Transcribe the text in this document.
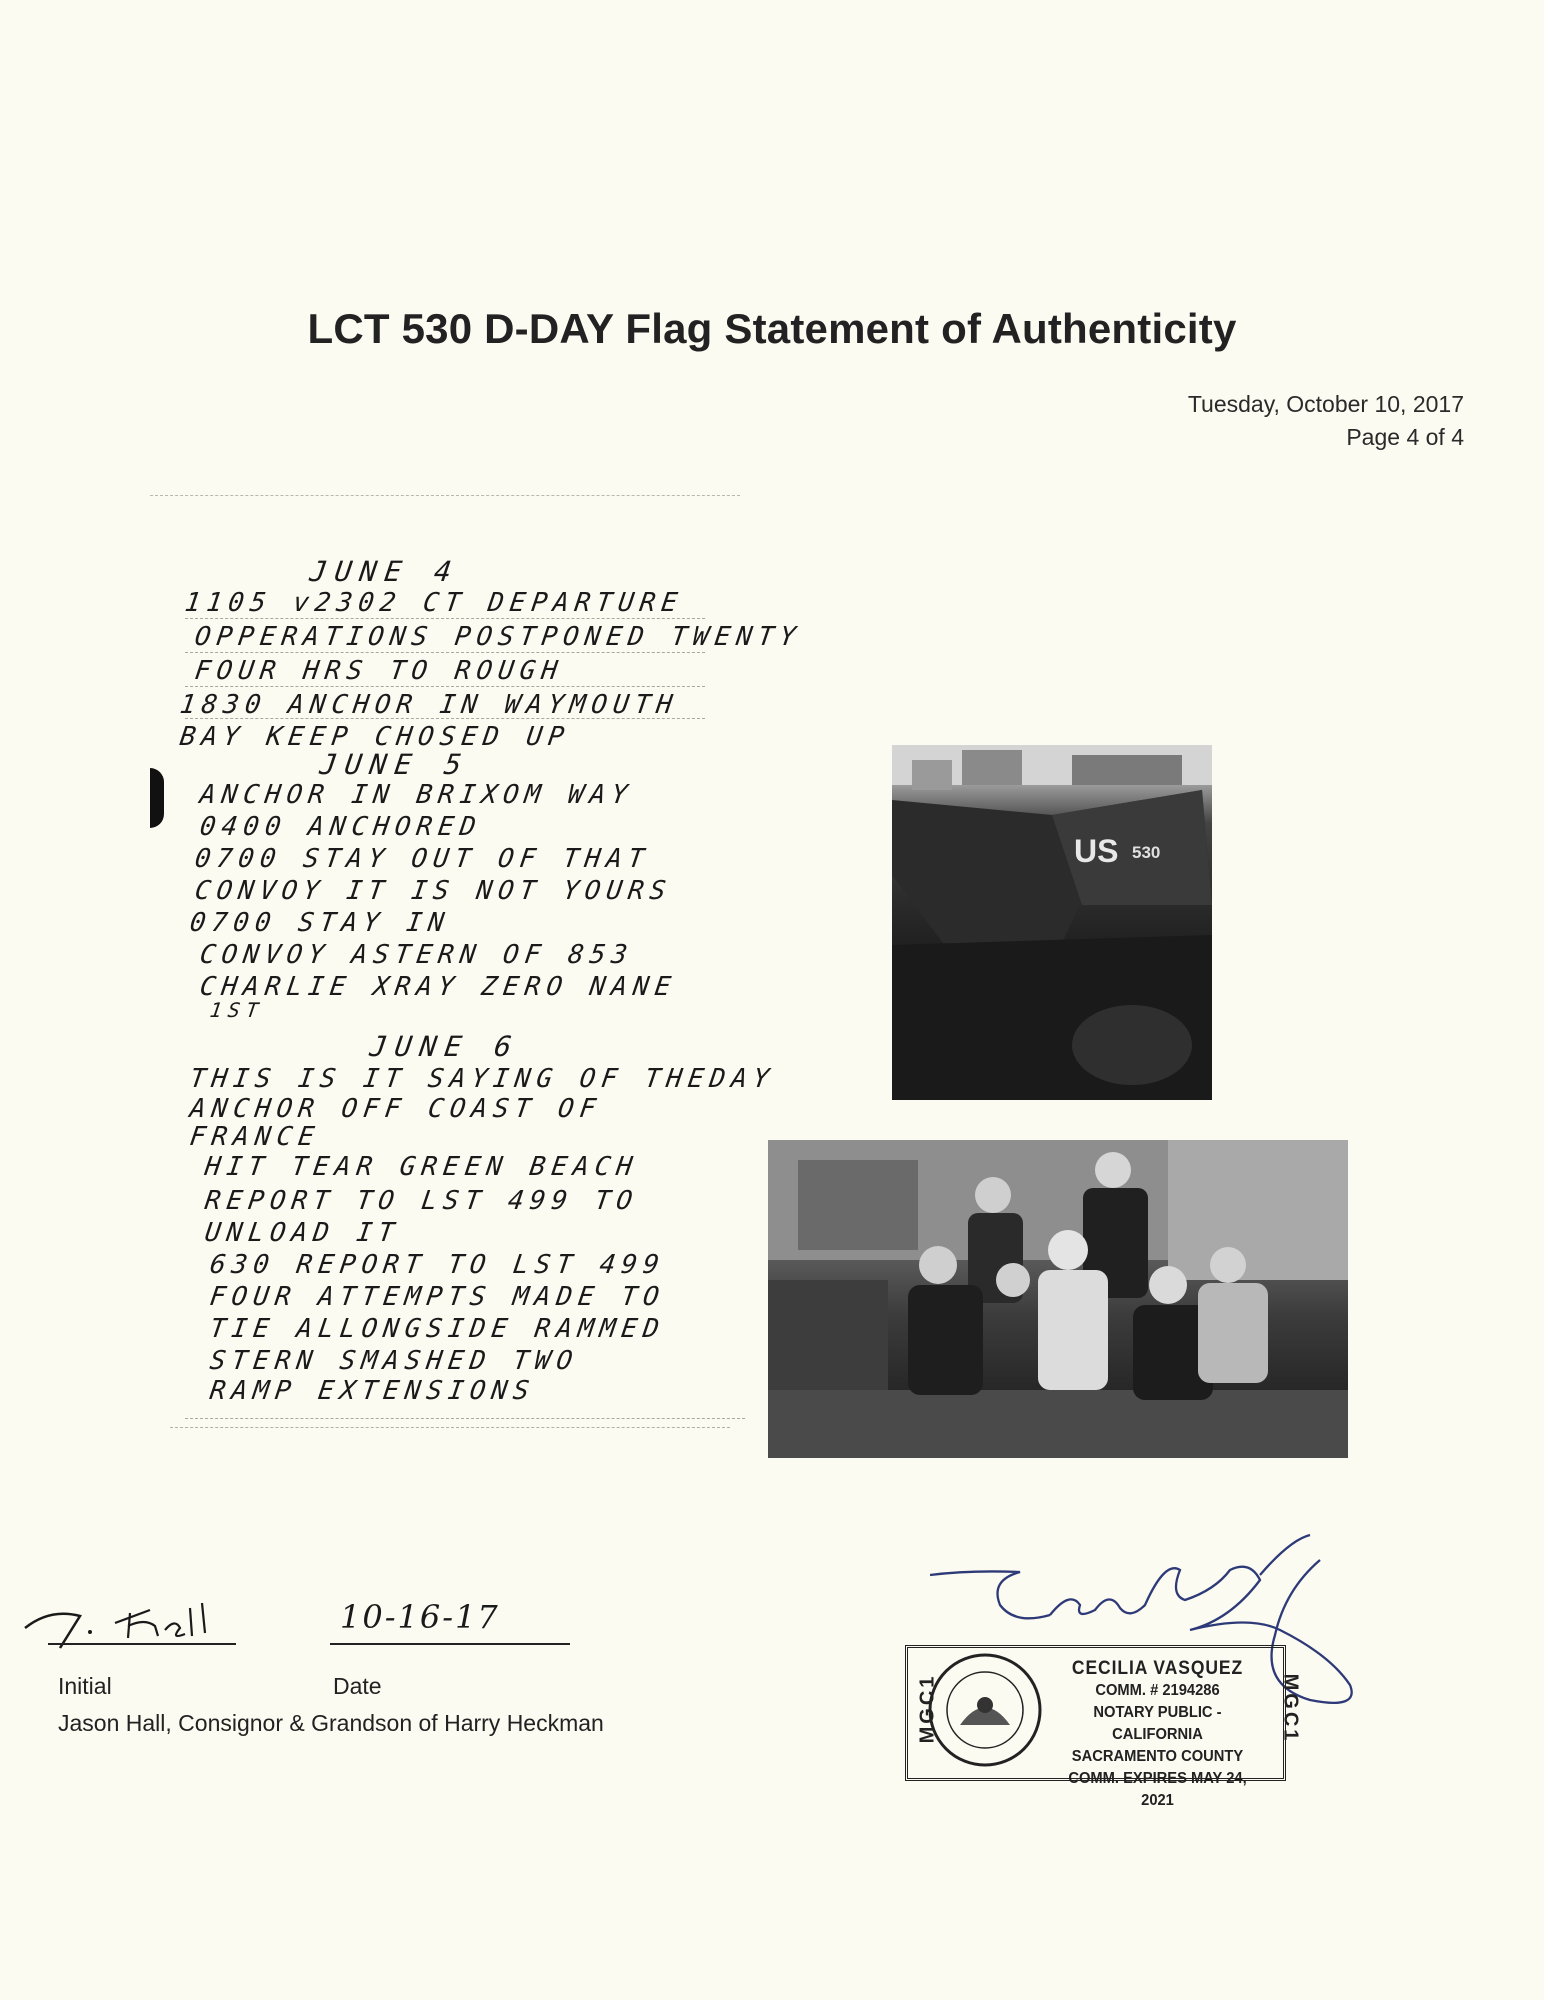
LCT 530 D-DAY Flag Statement of Authenticity
Tuesday, October 10, 2017
Page 4 of 4
JUNE 4
1105 v2302 CT DEPARTURE
OPPERATIONS POSTPONED TWENTY
FOUR HRS TO ROUGH
1830 ANCHOR IN WAYMOUTH
BAY KEEP CHOSED UP
JUNE 5
ANCHOR IN BRIXOM WAY
0400 ANCHORED
0700 STAY OUT OF THAT
CONVOY IT IS NOT YOURS
0700 STAY IN
CONVOY ASTERN OF 853
CHARLIE XRAY ZERO NANE
1ST
JUNE 6
THIS IS IT SAYING OF THEDAY
ANCHOR OFF COAST OF
FRANCE
HIT TEAR GREEN BEACH
REPORT TO LST 499 TO
UNLOAD IT
630 REPORT TO LST 499
FOUR ATTEMPTS MADE TO
TIE ALLONGSIDE RAMMED
STERN SMASHED TWO
RAMP EXTENSIONS
US 530
10-16-17
Initial	Date
Jason Hall, Consignor & Grandson of Harry Heckman
CECILIA VASQUEZ
COMM. # 2194286
NOTARY PUBLIC - CALIFORNIA
SACRAMENTO COUNTY
COMM. EXPIRES MAY 24, 2021
MGC1	MGC1
